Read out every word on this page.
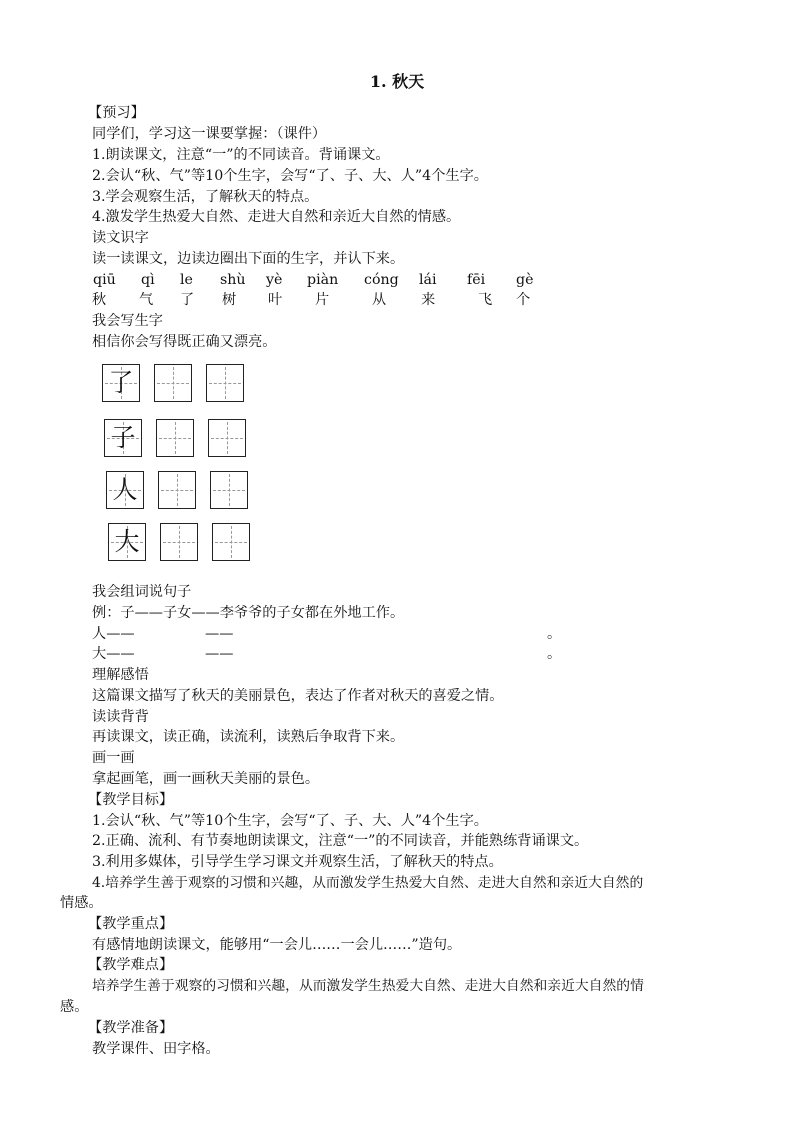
1. 秋天
【预习】
同学们，学习这一课要掌握：（课件）
1.朗读课文，注意“一”的不同读音。背诵课文。
2.会认“秋、气”等10个生字，会写“了、子、大、人”4个生字。
3.学会观察生活，了解秋天的特点。
4.激发学生热爱大自然、走进大自然和亲近大自然的情感。
读文识字
读一读课文，边读边圈出下面的生字，并认下来。
qiū qì le shù yè piàn cóng lái fēi gè
秋 气 了 树 叶 片	从 来	飞 个
我会写生字
相信你会写得既正确又漂亮。
了
子
人
大
我会组词说句子
例：子——子女——李爷爷的子女都在外地工作。
人——	——	。
大——	——	。
理解感悟
这篇课文描写了秋天的美丽景色，表达了作者对秋天的喜爱之情。
读读背背
再读课文，读正确，读流利，读熟后争取背下来。
画一画
拿起画笔，画一画秋天美丽的景色。
【教学目标】
1.会认“秋、气”等10个生字，会写“了、子、大、人”4个生字。
2.正确、流利、有节奏地朗读课文，注意“一”的不同读音，并能熟练背诵课文。
3.利用多媒体，引导学生学习课文并观察生活，了解秋天的特点。
4.培养学生善于观察的习惯和兴趣，从而激发学生热爱大自然、走进大自然和亲近大自然的
情感。
【教学重点】
有感情地朗读课文，能够用“一会儿……一会儿……”造句。
【教学难点】
培养学生善于观察的习惯和兴趣，从而激发学生热爱大自然、走进大自然和亲近大自然的情
感。
【教学准备】
教学课件、田字格。
